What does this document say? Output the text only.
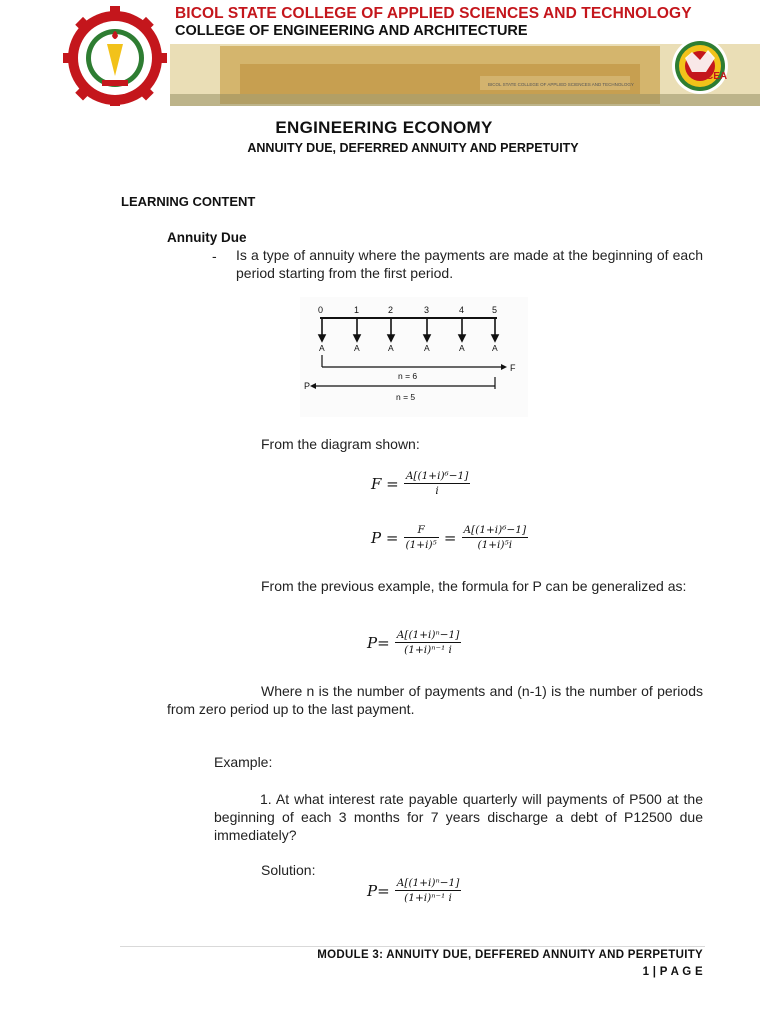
1911
CEA
BICOL STATE COLLEGE OF APPLIED SCIENCES AND TECHNOLOGY
BICOL STATE COLLEGE OF APPLIED SCIENCES AND TECHNOLOGY
COLLEGE OF ENGINEERING AND ARCHITECTURE
ENGINEERING ECONOMY
ANNUITY DUE, DEFERRED ANNUITY AND PERPETUITY
LEARNING CONTENT
Annuity Due
- Is a type of annuity where the payments are made at the beginning of each period starting from the first period.
0	1	2	3	4	5
A	A	A	A	A	A
n = 6
F
P
n = 5
From the diagram shown:
$F = \frac{\text{A[(1+i)⁶−1]}}{i}$
$P = \frac{F}{\text{(1+i)⁵}} = \frac{\text{A[(1+i)⁶−1]}}{\text{(1+i)⁵i}}$
From the previous example, the formula for P can be generalized as:
$P= \frac{\text{A[(1+i)ⁿ−1]}}{\text{(1+i)ⁿ⁻¹ i}}$
Where n is the number of payments and (n-1) is the number of periods from zero period up to the last payment.
Example:
1. At what interest rate payable quarterly will payments of P500 at the beginning of each 3 months for 7 years discharge a debt of P12500 due immediately?
Solution:
$P= \frac{\text{A[(1+i)ⁿ−1]}}{\text{(1+i)ⁿ⁻¹ i}}$
MODULE 3: ANNUITY DUE, DEFFERED ANNUITY AND PERPETUITY
1 | P A G E
